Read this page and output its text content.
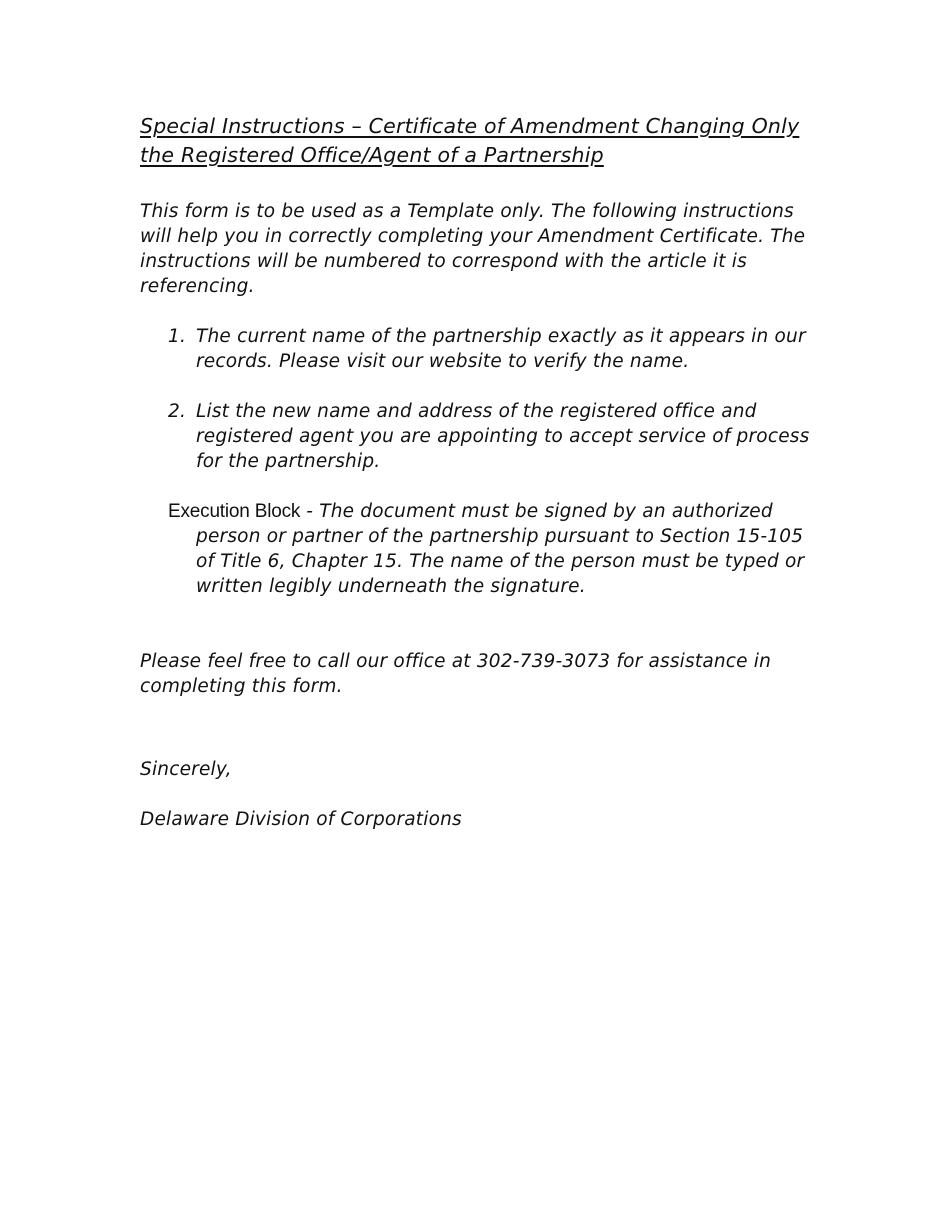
Special Instructions – Certificate of Amendment Changing Only
the Registered Office/Agent of a Partnership

This form is to be used as a Template only. The following instructions will help you in correctly completing your Amendment Certificate. The instructions will be numbered to correspond with the article it is referencing.

1. The current name of the partnership exactly as it appears in our records. Please visit our website to verify the name.
2. List the new name and address of the registered office and registered agent you are appointing to accept service of process for the partnership.

Execution Block - The document must be signed by an authorized person or partner of the partnership pursuant to Section 15-105 of Title 6, Chapter 15. The name of the person must be typed or written legibly underneath the signature.

Please feel free to call our office at 302-739-3073 for assistance in completing this form.

Sincerely,

Delaware Division of Corporations
